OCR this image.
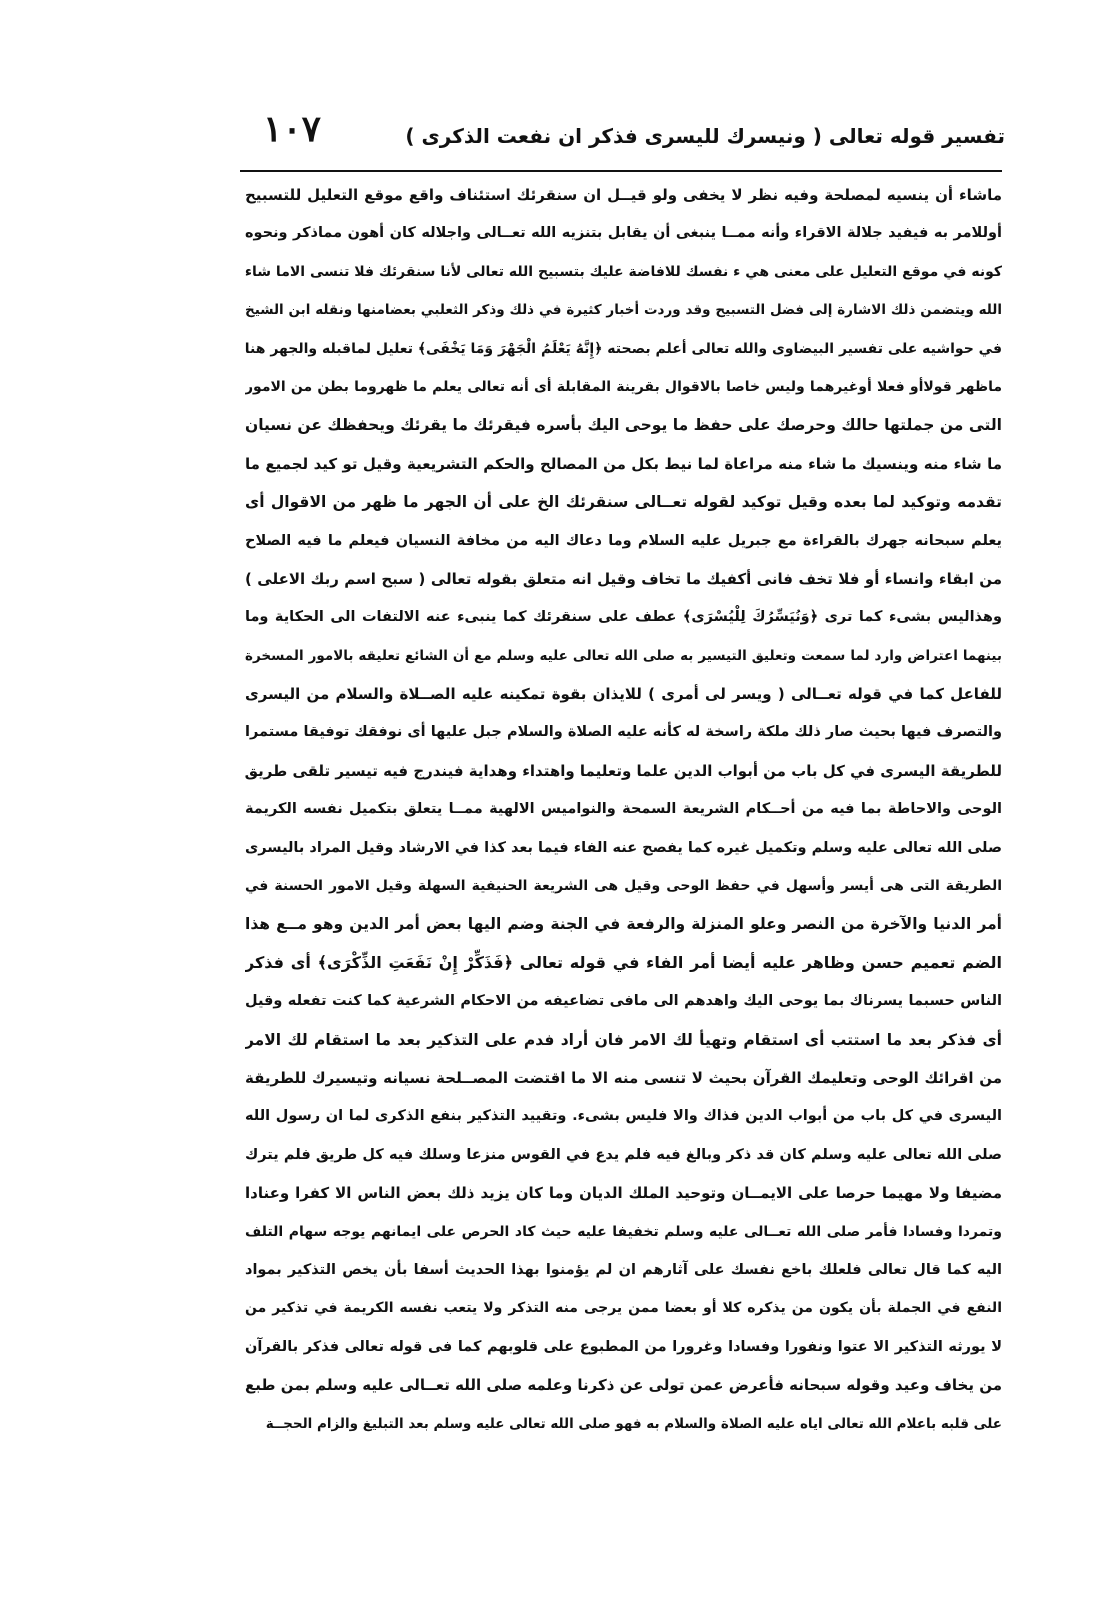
تفسير قوله تعالى ( ونيسرك لليسرى فذكر ان نفعت الذكرى )
١٠٧
ماشاء أن ينسيه لمصلحة وفيه نظر لا يخفى ولو قيــل ان سنقرئك استئناف واقع موقع التعليل للتسبيح
أوللامر به فيفيد جلالة الاقراء وأنه ممــا ينبغى أن يقابل بتنزيه الله تعــالى واجلاله كان أهون مماذكر ونحوه
كونه في موقع التعليل على معنى هي ء نفسك للافاضة عليك بتسبيح الله تعالى لأنا سنقرئك فلا تنسى الاما شاء
الله ويتضمن ذلك الاشارة إلى فضل التسبيح وقد وردت أخبار كثيرة في ذلك وذكر الثعلبي بعضامنها ونقله ابن الشيخ
في حواشيه على تفسير البيضاوى والله تعالى أعلم بصحته ﴿إِنَّهُ يَعْلَمُ الْجَهْرَ وَمَا يَخْفَى﴾ تعليل لماقبله والجهر هنا
ماظهر قولاأو فعلا أوغيرهما وليس خاصا بالاقوال بقرينة المقابلة أى أنه تعالى يعلم ما ظهروما بطن من الامور
التى من جملتها حالك وحرصك على حفظ ما يوحى اليك بأسره فيقرئك ما يقرئك ويحفظك عن نسيان
ما شاء منه وينسيك ما شاء منه مراعاة لما نيط بكل من المصالح والحكم التشريعية وقيل تو كيد لجميع ما
تقدمه وتوكيد لما بعده وقيل توكيد لقوله تعــالى سنقرئك الخ على أن الجهر ما ظهر من الاقوال أى
يعلم سبحانه جهرك بالقراءة مع جبريل عليه السلام وما دعاك اليه من مخافة النسيان فيعلم ما فيه الصلاح
من ابقاء وانساء أو فلا تخف فانى أكفيك ما تخاف وقيل انه متعلق بقوله تعالى ( سبح اسم ربك الاعلى )
وهذاليس بشىء كما ترى ﴿وَنُيَسِّرُكَ لِلْيُسْرَى﴾ عطف على سنقرئك كما ينبىء عنه الالتفات الى الحكاية وما
بينهما اعتراض وارد لما سمعت وتعليق التيسير به صلى الله تعالى عليه وسلم مع أن الشائع تعليقه بالامور المسخرة
للفاعل كما في قوله تعــالى ( ويسر لى أمرى ) للايذان بقوة تمكينه عليه الصــلاة والسلام من اليسرى
والتصرف فيها بحيث صار ذلك ملكة راسخة له كأنه عليه الصلاة والسلام جبل عليها أى نوفقك توفيقا مستمرا
للطريقة اليسرى في كل باب من أبواب الدين علما وتعليما واهتداء وهداية فيندرج فيه تيسير تلقى طريق
الوحى والاحاطة بما فيه من أحــكام الشريعة السمحة والنواميس الالهية ممــا يتعلق بتكميل نفسه الكريمة
صلى الله تعالى عليه وسلم وتكميل غيره كما يفصح عنه الفاء فيما بعد كذا في الارشاد وقيل المراد باليسرى
الطريقة التى هى أيسر وأسهل في حفظ الوحى وقيل هى الشريعة الحنيفية السهلة وقيل الامور الحسنة في
أمر الدنيا والآخرة من النصر وعلو المنزلة والرفعة في الجنة وضم اليها بعض أمر الدين وهو مــع هذا
الضم تعميم حسن وظاهر عليه أيضا أمر الفاء في قوله تعالى ﴿فَذَكِّرْ إِنْ نَفَعَتِ الذِّكْرَى﴾ أى فذكر
الناس حسبما يسرناك بما يوحى اليك واهدهم الى مافى تضاعيفه من الاحكام الشرعية كما كنت تفعله وقيل
أى فذكر بعد ما استتب أى استقام وتهيأ لك الامر فان أراد فدم على التذكير بعد ما استقام لك الامر
من اقرائك الوحى وتعليمك القرآن بحيث لا تنسى منه الا ما اقتضت المصــلحة نسيانه وتيسيرك للطريقة
اليسرى في كل باب من أبواب الدين فذاك والا فليس بشىء. وتقييد التذكير بنفع الذكرى لما ان رسول الله
صلى الله تعالى عليه وسلم كان قد ذكر وبالغ فيه فلم يدع في القوس منزعا وسلك فيه كل طريق فلم يترك
مضيفا ولا مهيما حرصا على الايمــان وتوحيد الملك الديان وما كان يزيد ذلك بعض الناس الا كفرا وعنادا
وتمردا وفسادا فأمر صلى الله تعــالى عليه وسلم تخفيفا عليه حيث كاد الحرص على ايمانهم يوجه سهام التلف
اليه كما قال تعالى فلعلك باخع نفسك على آثارهم ان لم يؤمنوا بهذا الحديث أسفا بأن يخص التذكير بمواد
النفع في الجملة بأن يكون من يذكره كلا أو بعضا ممن يرجى منه التذكر ولا يتعب نفسه الكريمة في تذكير من
لا يورثه التذكير الا عتوا ونفورا وفسادا وغرورا من المطبوع على قلوبهم كما فى قوله تعالى فذكر بالقرآن
من يخاف وعيد وقوله سبحانه فأعرض عمن تولى عن ذكرنا وعلمه صلى الله تعــالى عليه وسلم بمن طبع
على قلبه باعلام الله تعالى اياه عليه الصلاة والسلام به فهو صلى الله تعالى عليه وسلم بعد التبليغ والزام الحجــة
